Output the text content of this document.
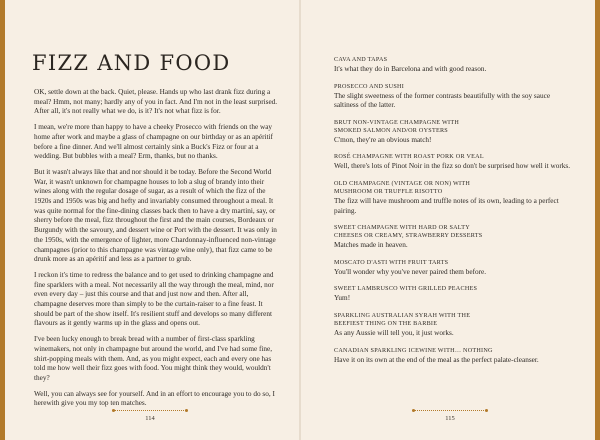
FIZZ AND FOOD

OK, settle down at the back. Quiet, please. Hands up who last drank fizz during a meal? Hmm, not many; hardly any of you in fact. And I'm not in the least surprised. After all, it's not really what we do, is it? It's not what fizz is for.

I mean, we're more than happy to have a cheeky Prosecco with friends on the way home after work and maybe a glass of champagne on our birthday or as an apéritif before a fine dinner. And we'll almost certainly sink a Buck's Fizz or four at a wedding. But bubbles with a meal? Erm, thanks, but no thanks.

But it wasn't always like that and nor should it be today. Before the Second World War, it wasn't unknown for champagne houses to lob a slug of brandy into their wines along with the regular dosage of sugar, as a result of which the fizz of the 1920s and 1950s was big and hefty and invariably consumed throughout a meal. It was quite normal for the fine-dining classes back then to have a dry martini, say, or sherry before the meal, fizz throughout the first and the main courses, Bordeaux or Burgundy with the savoury, and dessert wine or Port with the dessert. It was only in the 1950s, with the emergence of lighter, more Chardonnay-influenced non-vintage champagnes (prior to this champagne was vintage wine only), that fizz came to be drunk more as an apéritif and less as a partner to grub.

I reckon it's time to redress the balance and to get used to drinking champagne and fine sparklers with a meal. Not necessarily all the way through the meal, mind, nor even every day – just this course and that and just now and then. After all, champagne deserves more than simply to be the curtain-raiser to a fine feast. It should be part of the show itself. It's resilient stuff and develops so many different flavours as it gently warms up in the glass and opens out.

I've been lucky enough to break bread with a number of first-class sparkling winemakers, not only in champagne but around the world, and I've had some fine, shirt-popping meals with them. And, as you might expect, each and every one has told me how well their fizz goes with food. You might think they would, wouldn't they?

Well, you can always see for yourself. And in an effort to encourage you to do so, I herewith give you my top ten matches.

CAVA AND TAPAS

It's what they do in Barcelona and with good reason.

PROSECCO AND SUSHI

The slight sweetness of the former contrasts beautifully with the soy sauce saltiness of the latter.

BRUT NON-VINTAGE CHAMPAGNE WITH
SMOKED SALMON AND/OR OYSTERS

C'mon, they're an obvious match!

ROSÉ CHAMPAGNE WITH ROAST PORK OR VEAL

Well, there's lots of Pinot Noir in the fizz so don't be surprised how well it works.

OLD CHAMPAGNE (VINTAGE OR NON) WITH
MUSHROOM OR TRUFFLE RISOTTO

The fizz will have mushroom and truffle notes of its own, leading to a perfect pairing.

SWEET CHAMPAGNE WITH HARD OR SALTY
CHEESES OR CREAMY, STRAWBERRY DESSERTS

Matches made in heaven.

MOSCATO D'ASTI WITH FRUIT TARTS

You'll wonder why you've never paired them before.

SWEET LAMBRUSCO WITH GRILLED PEACHES

Yum!

SPARKLING AUSTRALIAN SYRAH WITH THE
BEEFIEST THING ON THE BARBIE

As any Aussie will tell you, it just works.

CANADIAN SPARKLING ICEWINE WITH… NOTHING

Have it on its own at the end of the meal as the perfect palate-cleanser.

114	115
